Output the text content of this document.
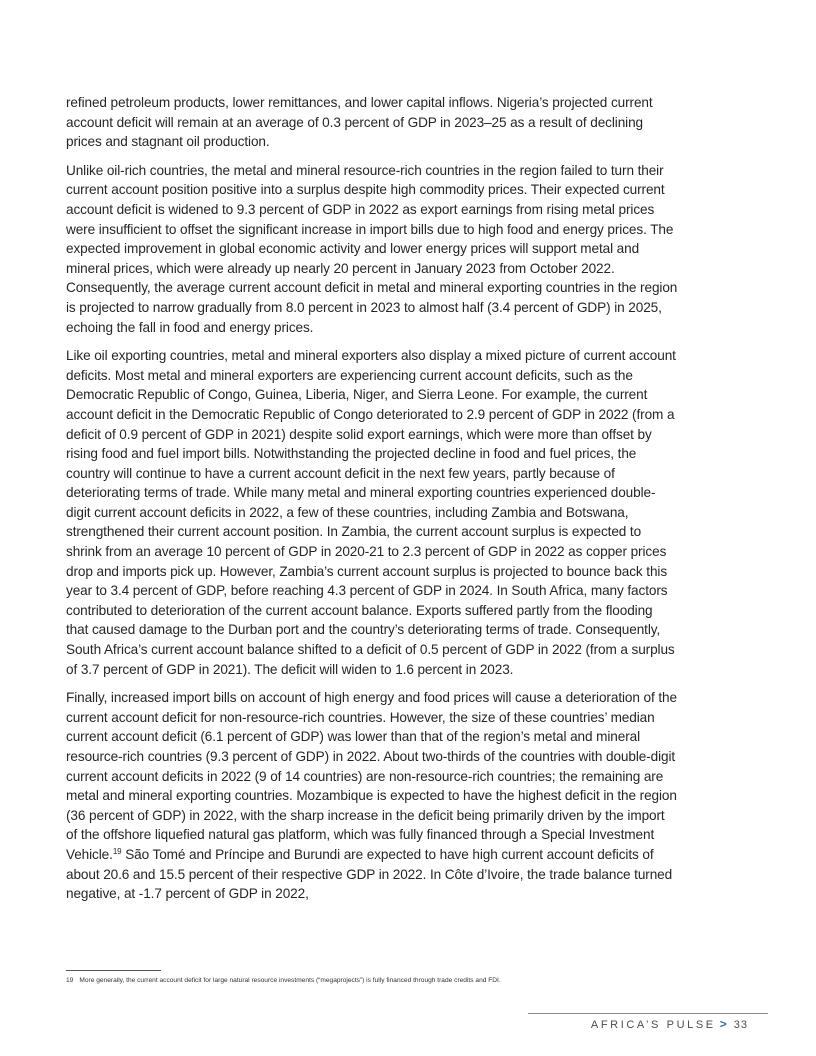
refined petroleum products, lower remittances, and lower capital inflows. Nigeria’s projected current account deficit will remain at an average of 0.3 percent of GDP in 2023–25 as a result of declining prices and stagnant oil production.

Unlike oil-rich countries, the metal and mineral resource-rich countries in the region failed to turn their current account position positive into a surplus despite high commodity prices. Their expected current account deficit is widened to 9.3 percent of GDP in 2022 as export earnings from rising metal prices were insufficient to offset the significant increase in import bills due to high food and energy prices. The expected improvement in global economic activity and lower energy prices will support metal and mineral prices, which were already up nearly 20 percent in January 2023 from October 2022. Consequently, the average current account deficit in metal and mineral exporting countries in the region is projected to narrow gradually from 8.0 percent in 2023 to almost half (3.4 percent of GDP) in 2025, echoing the fall in food and energy prices.

Like oil exporting countries, metal and mineral exporters also display a mixed picture of current account deficits. Most metal and mineral exporters are experiencing current account deficits, such as the Democratic Republic of Congo, Guinea, Liberia, Niger, and Sierra Leone. For example, the current account deficit in the Democratic Republic of Congo deteriorated to 2.9 percent of GDP in 2022 (from a deficit of 0.9 percent of GDP in 2021) despite solid export earnings, which were more than offset by rising food and fuel import bills. Notwithstanding the projected decline in food and fuel prices, the country will continue to have a current account deficit in the next few years, partly because of deteriorating terms of trade. While many metal and mineral exporting countries experienced double-digit current account deficits in 2022, a few of these countries, including Zambia and Botswana, strengthened their current account position. In Zambia, the current account surplus is expected to shrink from an average 10 percent of GDP in 2020-21 to 2.3 percent of GDP in 2022 as copper prices drop and imports pick up. However, Zambia’s current account surplus is projected to bounce back this year to 3.4 percent of GDP, before reaching 4.3 percent of GDP in 2024. In South Africa, many factors contributed to deterioration of the current account balance. Exports suffered partly from the flooding that caused damage to the Durban port and the country’s deteriorating terms of trade. Consequently, South Africa’s current account balance shifted to a deficit of 0.5 percent of GDP in 2022 (from a surplus of 3.7 percent of GDP in 2021). The deficit will widen to 1.6 percent in 2023.

Finally, increased import bills on account of high energy and food prices will cause a deterioration of the current account deficit for non-resource-rich countries. However, the size of these countries’ median current account deficit (6.1 percent of GDP) was lower than that of the region’s metal and mineral resource-rich countries (9.3 percent of GDP) in 2022. About two-thirds of the countries with double-digit current account deficits in 2022 (9 of 14 countries) are non-resource-rich countries; the remaining are metal and mineral exporting countries. Mozambique is expected to have the highest deficit in the region (36 percent of GDP) in 2022, with the sharp increase in the deficit being primarily driven by the import of the offshore liquefied natural gas platform, which was fully financed through a Special Investment Vehicle.$^{19}$ São Tomé and Príncipe and Burundi are expected to have high current account deficits of about 20.6 and 15.5 percent of their respective GDP in 2022. In Côte d’Ivoire, the trade balance turned negative, at -1.7 percent of GDP in 2022,

19 More generally, the current account deficit for large natural resource investments (“megaprojects”) is fully financed through trade credits and FDI.
AFRICA’S PULSE > 33
